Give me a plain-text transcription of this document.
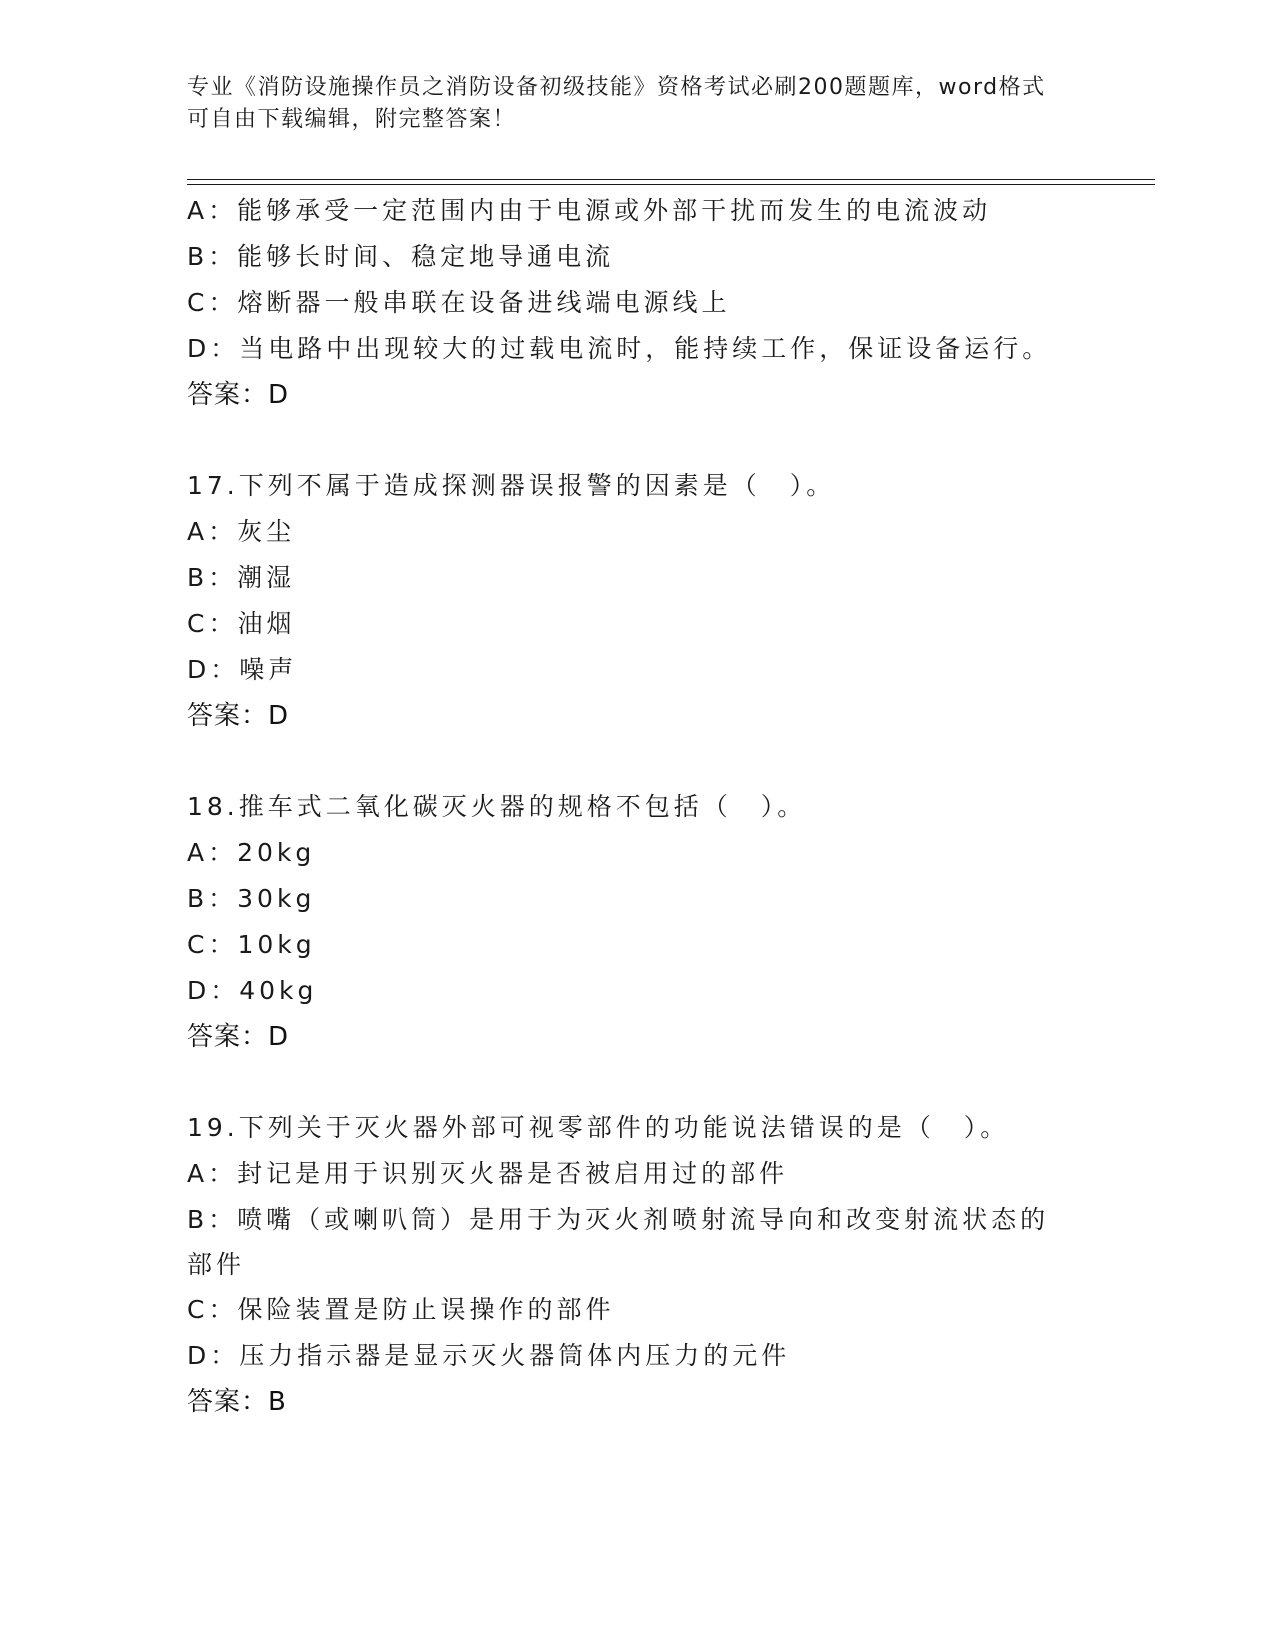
专业《消防设施操作员之消防设备初级技能》资格考试必刷200题题库，word格式可自由下载编辑，附完整答案！
A：能够承受一定范围内由于电源或外部干扰而发生的电流波动
B：能够长时间、稳定地导通电流
C：熔断器一般串联在设备进线端电源线上
D：当电路中出现较大的过载电流时，能持续工作，保证设备运行。
答案：D
17.下列不属于造成探测器误报警的因素是（　）。
A：灰尘
B：潮湿
C：油烟
D：噪声
答案：D
18.推车式二氧化碳灭火器的规格不包括（　）。
A：20kg
B：30kg
C：10kg
D：40kg
答案：D
19.下列关于灭火器外部可视零部件的功能说法错误的是（　）。
A：封记是用于识别灭火器是否被启用过的部件
B：喷嘴（或喇叭筒）是用于为灭火剂喷射流导向和改变射流状态的部件
C：保险装置是防止误操作的部件
D：压力指示器是显示灭火器筒体内压力的元件
答案：B
